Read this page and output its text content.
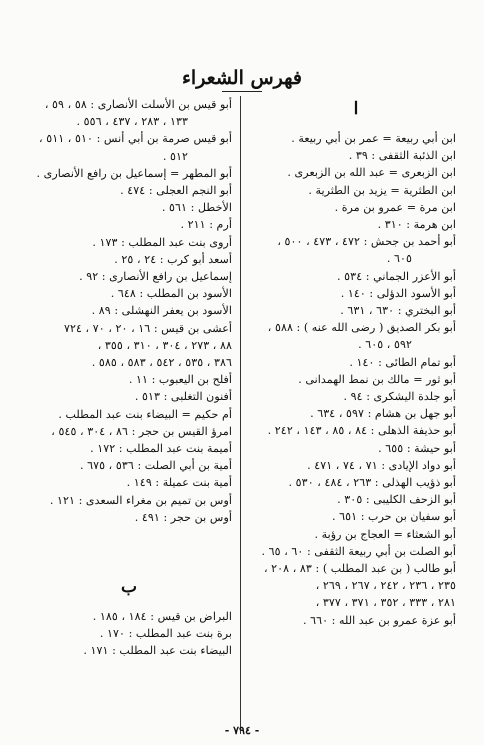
فهرس الشعراء
ا
ابن أبي ربيعة = عمر بن أبي ربيعة .
ابن الذئبة الثقفى : ٣٩ .
ابن الزبعرى = عبد الله بن الزبعرى .
ابن الطثرية = يزيد بن الطثرية .
ابن مرة = عمرو بن مرة .
ابن هرمة : ٣١٠ .
أبو أحمد بن جحش : ٤٧٢ ، ٤٧٣ ، ٥٠٠ ،
٦٠٥ .
أبو الأعزر الجماني : ٥٣٤ .
أبو الأسود الدؤلى : ١٤٠ .
أبو البختري : ٦٣٠ ، ٦٣١ .
أبو بكر الصديق ( رضى الله عنه ) : ٥٨٨ ،
٥٩٢ ، ٦٠٥ .
أبو تمام الطائى : ١٤٠ .
أبو ثور = مالك بن نمط الهمدانى .
أبو جلدة اليشكرى : ٩٤ .
أبو جهل بن هشام : ٥٩٧ ، ٦٣٤ .
أبو حذيفة الذهلى : ٨٤ ، ٨٥ ، ١٤٣ ، ٢٤٢ .
أبو حيشة : ٦٥٥ .
أبو دواد الإيادى : ٧١ ، ٧٤ ، ٤٧١ .
أبو ذؤيب الهذلى : ٢٦٣ ، ٤٨٤ ، ٥٣٠ .
أبو الزحف الكليبى : ٣٠٥ .
أبو سفيان بن حرب : ٦٥١ .
أبو الشعثاء = العجاج بن رؤبة .
أبو الصلت بن أبي ربيعة الثقفى : ٦٠ ، ٦٥ .
أبو طالب ( بن عبد المطلب ) : ٨٣ ، ٢٠٨ ،
٢٣٥ ، ٢٣٦ ، ٢٤٢ ، ٢٦٧ ، ٢٦٩ ،
٢٨١ ، ٣٣٣ ، ٣٥٢ ، ٣٧١ ، ٣٧٧ ،
أبو عزة عمرو بن عبد الله : ٦٦٠ .
أبو قيس بن الأسلت الأنصارى : ٥٨ ، ٥٩ ،
١٣٣ ، ٢٨٣ ، ٤٣٧ ، ٥٥٦ .
أبو قيس صرمة بن أبي أنس : ٥١٠ ، ٥١١ ،
٥١٢ .
أبو المطهر = إسماعيل بن رافع الأنصارى .
أبو النجم العجلى : ٤٧٤ .
الأخطل : ٥٦١ .
أرم : ٢١١ .
أروى بنت عبد المطلب : ١٧٣ .
أسعد أبو كرب : ٢٤ ، ٢٥ .
إسماعيل بن رافع الأنصارى : ٩٢ .
الأسود بن المطلب : ٦٤٨ .
الأسود بن يعفر النهشلى : ٨٩ .
أعشى بن قيس : ١٦ ، ٢٠ ، ٧٠ ، ٧٢٤
٨٨ ، ٢٧٣ ، ٣٠٤ ، ٣١٠ ، ٣٥٥ ،
٣٨٦ ، ٥٣٥ ، ٥٤٢ ، ٥٨٣ ، ٥٨٥ .
أفلح بن اليعبوب : ١١ .
أفنون التغلبى : ٥١٣ .
أم حكيم = البيضاء بنت عبد المطلب .
امرؤ القيس بن حجر : ٨٦ ، ٣٠٤ ، ٥٤٥ ،
أميمة بنت عبد المطلب : ١٧٢ .
أمية بن أبي الصلت : ٥٣٦ ، ٦٧٥ .
أمية بنت عميلة : ١٤٩ .
أوس بن تميم بن مغراء السعدى : ١٢١ .
أوس بن حجر : ٤٩١ .
ب
البراض بن قيس : ١٨٤ ، ١٨٥ .
برة بنت عبد المطلب : ١٧٠ .
البيضاء بنت عبد المطلب : ١٧١ .
- ٧٩٤ -
